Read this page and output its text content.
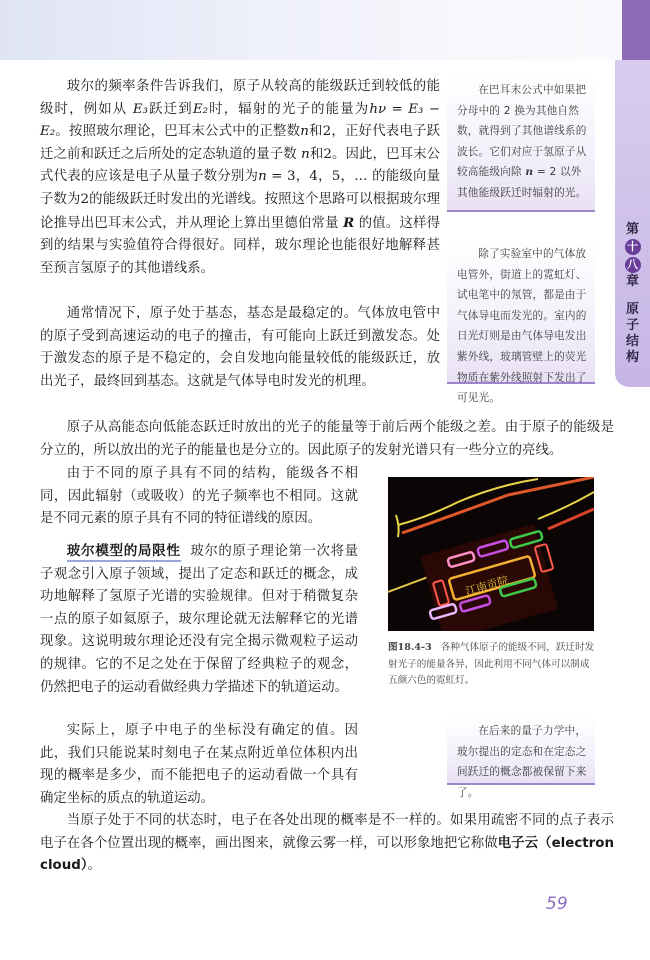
第
十
八
章
原
子
结
构

玻尔的频率条件告诉我们，原子从较高的能级跃迁到较低的能级时，例如从 E₃跃迁到E₂时，辐射的光子的能量为hν = E₃ − E₂。按照玻尔理论，巴耳末公式中的正整数n和2，正好代表电子跃迁之前和跃迁之后所处的定态轨道的量子数 n和2。因此，巴耳末公式代表的应该是电子从量子数分别为n = 3，4，5，… 的能级向量子数为2的能级跃迁时发出的光谱线。按照这个思路可以根据玻尔理论推导出巴耳末公式，并从理论上算出里德伯常量 R 的值。这样得到的结果与实验值符合得很好。同样，玻尔理论也能很好地解释甚至预言氢原子的其他谱线系。

通常情况下，原子处于基态，基态是最稳定的。气体放电管中的原子受到高速运动的电子的撞击，有可能向上跃迁到激发态。处于激发态的原子是不稳定的，会自发地向能量较低的能级跃迁，放出光子，最终回到基态。这就是气体导电时发光的机理。

原子从高能态向低能态跃迁时放出的光子的能量等于前后两个能级之差。由于原子的能级是分立的，所以放出的光子的能量也是分立的。因此原子的发射光谱只有一些分立的亮线。

由于不同的原子具有不同的结构，能级各不相同，因此辐射（或吸收）的光子频率也不相同。这就是不同元素的原子具有不同的特征谱线的原因。

玻尔模型的局限性 玻尔的原子理论第一次将量子观念引入原子领域，提出了定态和跃迁的概念，成功地解释了氢原子光谱的实验规律。但对于稍微复杂一点的原子如氦原子，玻尔理论就无法解释它的光谱现象。这说明玻尔理论还没有完全揭示微观粒子运动的规律。它的不足之处在于保留了经典粒子的观念，仍然把电子的运动看做经典力学描述下的轨道运动。

实际上，原子中电子的坐标没有确定的值。因此，我们只能说某时刻电子在某点附近单位体积内出现的概率是多少，而不能把电子的运动看做一个具有确定坐标的质点的轨道运动。

当原子处于不同的状态时，电子在各处出现的概率是不一样的。如果用疏密不同的点子表示电子在各个位置出现的概率，画出图来，就像云雾一样，可以形象地把它称做电子云（electron cloud）。

在巴耳末公式中如果把分母中的 2 换为其他自然数，就得到了其他谱线系的波长。它们对应于氢原子从较高能级向除 n = 2 以外其他能级跃迁时辐射的光。

除了实验室中的气体放电管外，街道上的霓虹灯、试电笔中的氖管，都是由于气体导电而发光的。室内的日光灯则是由气体导电发出紫外线，玻璃管壁上的荧光物质在紫外线照射下发出了可见光。

在后来的量子力学中，玻尔提出的定态和在定态之间跃迁的概念都被保留下来了。

江南贡院
图18.4-3 各种气体原子的能级不同，跃迁时发射光子的能量各异，因此利用不同气体可以制成五颜六色的霓虹灯。
59
